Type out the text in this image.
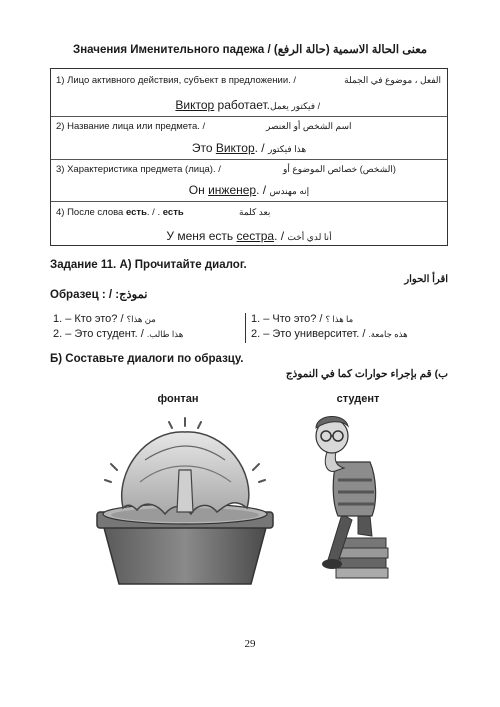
Значения Именительного падежа / (حالة الرفع) معنى الحالة الاسمية
1) Лицо активного действия, субъект в предложении. /	الفعل ، موضوع في الجملة
Виктор работает. / فيكتور يعمل
2) Название лица или предмета. /	اسم الشخص أو العنصر
Это Виктор. / هذا فيكتور
3) Характеристика предмета (лица). /	(الشخص) خصائص الموضوع أو
Он инженер. / إنه مهندس
4) После слова есть. / . есть	بعد كلمة
У меня есть сестра. / أنا لدي أخت
Задание 11. А) Прочитайте диалог.
اقرأ الحوار
Образец : / :نموذج
1. – Кто это? / من هذا؟
2. – Это студент. / هذا طالب.
1. – Что это? / ما هذا ؟
2. – Это университет. / هذه جامعة.
Б) Составьте диалоги по образцу.
ب) قم بإجراء حوارات كما في النموذج
фонтан	студент
29
